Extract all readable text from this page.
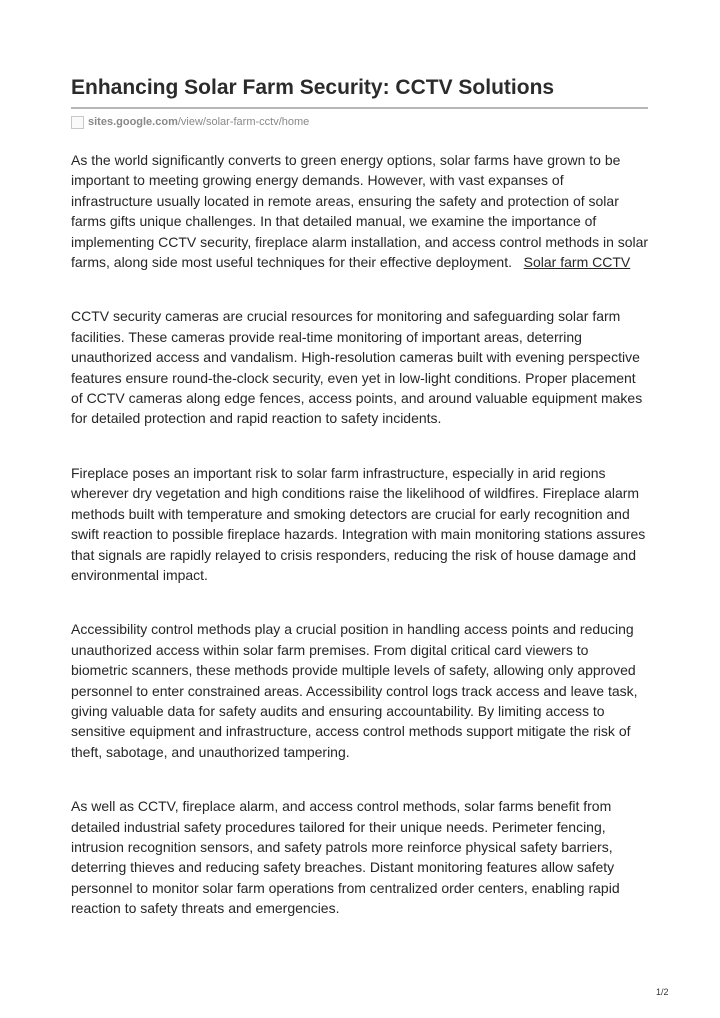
Enhancing Solar Farm Security: CCTV Solutions
sites.google.com /view/solar-farm-cctv/home

As the world significantly converts to green energy options, solar farms have grown to be important to meeting growing energy demands. However, with vast expanses of infrastructure usually located in remote areas, ensuring the safety and protection of solar farms gifts unique challenges. In that detailed manual, we examine the importance of implementing CCTV security, fireplace alarm installation, and access control methods in solar farms, along side most useful techniques for their effective deployment. Solar farm CCTV

CCTV security cameras are crucial resources for monitoring and safeguarding solar farm facilities. These cameras provide real-time monitoring of important areas, deterring unauthorized access and vandalism. High-resolution cameras built with evening perspective features ensure round-the-clock security, even yet in low-light conditions. Proper placement of CCTV cameras along edge fences, access points, and around valuable equipment makes for detailed protection and rapid reaction to safety incidents.

Fireplace poses an important risk to solar farm infrastructure, especially in arid regions wherever dry vegetation and high conditions raise the likelihood of wildfires. Fireplace alarm methods built with temperature and smoking detectors are crucial for early recognition and swift reaction to possible fireplace hazards. Integration with main monitoring stations assures that signals are rapidly relayed to crisis responders, reducing the risk of house damage and environmental impact.

Accessibility control methods play a crucial position in handling access points and reducing unauthorized access within solar farm premises. From digital critical card viewers to biometric scanners, these methods provide multiple levels of safety, allowing only approved personnel to enter constrained areas. Accessibility control logs track access and leave task, giving valuable data for safety audits and ensuring accountability. By limiting access to sensitive equipment and infrastructure, access control methods support mitigate the risk of theft, sabotage, and unauthorized tampering.

As well as CCTV, fireplace alarm, and access control methods, solar farms benefit from detailed industrial safety procedures tailored for their unique needs. Perimeter fencing, intrusion recognition sensors, and safety patrols more reinforce physical safety barriers, deterring thieves and reducing safety breaches. Distant monitoring features allow safety personnel to monitor solar farm operations from centralized order centers, enabling rapid reaction to safety threats and emergencies.

1/2
